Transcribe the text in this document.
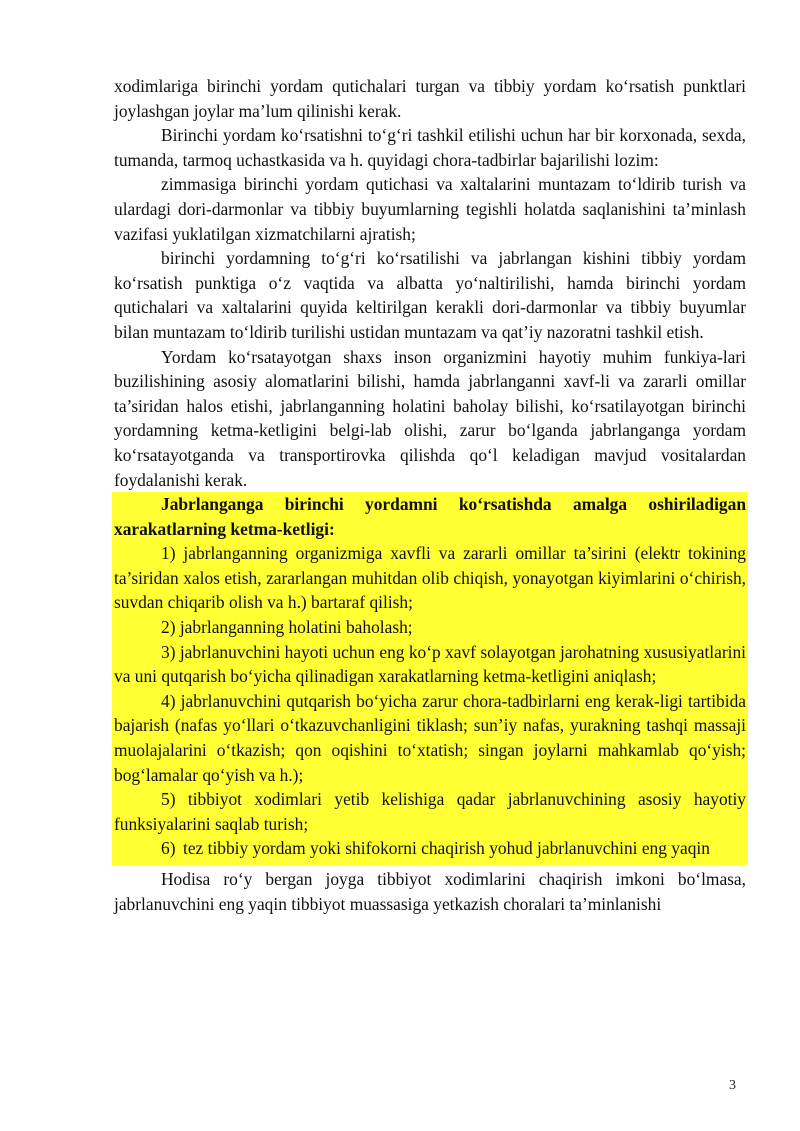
xodimlariga birinchi yordam qutichalari turgan va tibbiy yordam ko‘rsatish punktlari joylashgan joylar ma’lum qilinishi kerak.

Birinchi yordam ko‘rsatishni to‘g‘ri tashkil etilishi uchun har bir korxonada, sexda, tumanda, tarmoq uchastkasida va h. quyidagi chora-tadbirlar bajarilishi lozim:

zimmasiga birinchi yordam qutichasi va xaltalarini muntazam to‘ldirib turish va ulardagi dori-darmonlar va tibbiy buyumlarning tegishli holatda saqlanishini ta’minlash vazifasi yuklatilgan xizmatchilarni ajratish;

birinchi yordamning to‘g‘ri ko‘rsatilishi va jabrlangan kishini tibbiy yordam ko‘rsatish punktiga o‘z vaqtida va albatta yo‘naltirilishi, hamda birinchi yordam qutichalari va xaltalarini quyida keltirilgan kerakli dori-darmonlar va tibbiy buyumlar bilan muntazam to‘ldirib turilishi ustidan muntazam va qat’iy nazoratni tashkil etish.

Yordam ko‘rsatayotgan shaxs inson organizmini hayotiy muhim funkiya-lari buzilishining asosiy alomatlarini bilishi, hamda jabrlanganni xavf-li va zararli omillar ta’siridan halos etishi, jabrlanganning holatini baholay bilishi, ko‘rsatilayotgan birinchi yordamning ketma-ketligini belgi-lab olishi, zarur bo‘lganda jabrlanganga yordam ko‘rsatayotganda va transportirovka qilishda qo‘l keladigan mavjud vositalardan foydalanishi kerak.

Jabrlanganga birinchi yordamni ko‘rsatishda amalga oshiriladigan xarakatlarning ketma-ketligi:

1) jabrlanganning organizmiga xavfli va zararli omillar ta’sirini (elektr tokining ta’siridan xalos etish, zararlangan muhitdan olib chiqish, yonayotgan kiyimlarini o‘chirish, suvdan chiqarib olish va h.) bartaraf qilish;

2) jabrlanganning holatini baholash;

3) jabrlanuvchini hayoti uchun eng ko‘p xavf solayotgan jarohatning xususiyatlarini va uni qutqarish bo‘yicha qilinadigan xarakatlarning ketma-ketligini aniqlash;

4) jabrlanuvchini qutqarish bo‘yicha zarur chora-tadbirlarni eng kerak-ligi tartibida bajarish (nafas yo‘llari o‘tkazuvchanligini tiklash; sun’iy nafas, yurakning tashqi massaji muolajalarini o‘tkazish; qon oqishini to‘xtatish; singan joylarni mahkamlab qo‘yish; bog‘lamalar qo‘yish va h.);

5) tibbiyot xodimlari yetib kelishiga qadar jabrlanuvchining asosiy hayotiy funksiyalarini saqlab turish;

6) tez tibbiy yordam yoki shifokorni chaqirish yohud jabrlanuvchini eng yaqin

Hodisa ro‘y bergan joyga tibbiyot xodimlarini chaqirish imkoni bo‘lmasa, jabrlanuvchini eng yaqin tibbiyot muassasiga yetkazish choralari ta’minlanishi

3
